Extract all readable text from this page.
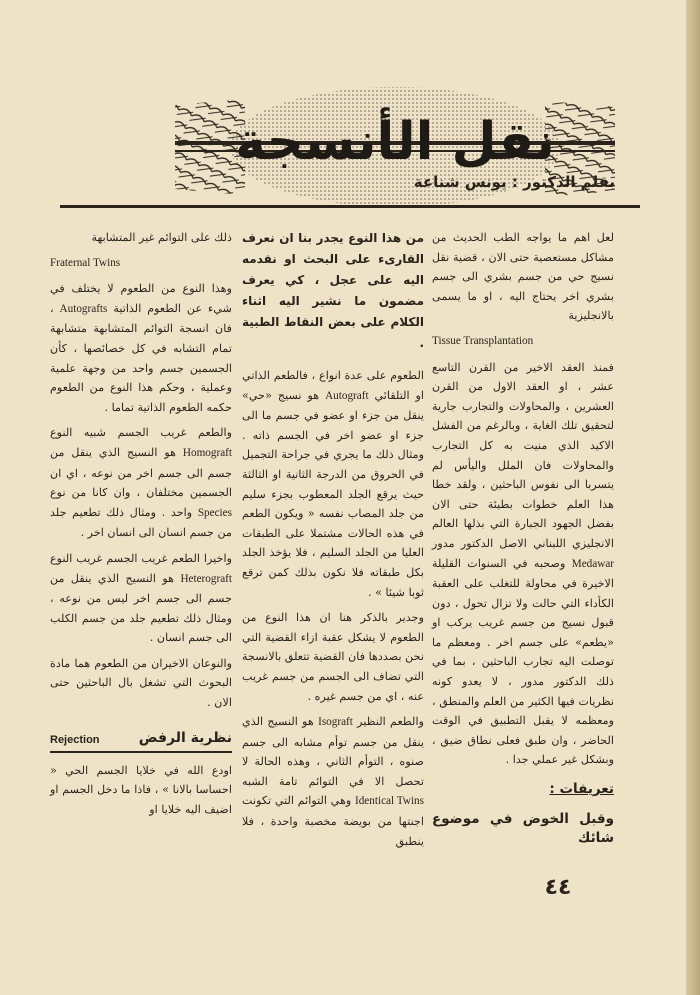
نقل الأنسجة
بقلم الدكتور : يونس شناعة

لعل اهم ما يواجه الطب الحديث من مشاكل مستعصية حتى الان ، قضية نقل نسيج حي من جسم بشري الى جسم بشري اخر يحتاج اليه ، او ما يسمى بالانجليزية

Tissue Transplantation

فمنذ العقد الاخير من القرن التاسع عشر ، او العقد الاول من القرن العشرين ، والمحاولات والتجارب جارية لتحقيق تلك الغاية ، وبالرغم من الفشل الاكيد الذي منيت به كل التجارب والمحاولات فان الملل واليأس لم يتسربا الى نفوس الباحثين ، ولقد خطا هذا العلم خطوات بطيئة حتى الان بفضل الجهود الجبارة التي بذلها العالم الانجليزي اللبناني الاصل الدكتور مدور Medawar وصحبه في السنوات القليلة الاخيرة في محاولة للتغلب على العقبة الكأداء التي حالت ولا تزال تحول ، دون قبول نسيج من جسم غريب يركب او «يطعم» على جسم اخر . ومعظم ما توصلت اليه تجارب الباحثين ، بما في ذلك الدكتور مدور ، لا يعدو كونه نظريات فيها الكثير من العلم والمنطق ، ومعظمه لا يقبل التطبيق في الوقت الحاضر ، وان طبق فعلى نطاق ضيق ، وبشكل غير عملي جدا .

تعريفات :

وقبل الخوض في موضوع شائك

من هذا النوع يجدر بنا ان نعرف القارىء على البحث او نقدمه اليه على عجل ، كي يعرف مضمون ما نشير اليه اثناء الكلام على بعض النقاط الطبية .

الطعوم على عدة انواع ، فالطعم الذاتي او التلقائي Autograft هو نسيج «حي» ينقل من جزء او عضو في جسم ما الى جزء او عضو اخر في الجسم ذاته . ومثال ذلك ما يجري في جراحة التجميل في الحروق من الدرجة الثانية او الثالثة حيث يرقع الجلد المعطوب بجزء سليم من جلد المصاب نفسه « ويكون الطعم في هذه الحالات مشتملا على الطبقات العليا من الجلد السليم ، فلا يؤخذ الجلد بكل طبقاته فلا نكون بذلك كمن ترقع ثوبا شيئا » .

وجدير بالذكر هنا ان هذا النوع من الطعوم لا يشكل عقبة ازاء القضية التي نحن بصددها فان القضية تتعلق بالانسجة التي تضاف الى الجسم من جسم غريب عنه ، اي من جسم غيره .

والطعم النظير Isograft هو النسيج الذي ينقل من جسم توأم مشابه الى جسم صنوه ، التوأم الثاني ، وهذه الحالة لا تحصل الا في التوائم تامة الشبه Identical Twins وهي التوائم التي تكونت اجنتها من بويضة مخصبة واحدة ، فلا ينطبق

ذلك على التوائم غير المتشابهة

Fraternal Twins

وهذا النوع من الطعوم لا يختلف في شيء عن الطعوم الذاتية Autografts ، فان انسجة التوائم المتشابهة متشابهة تمام التشابه في كل خصائصها ، كأن الجسمين جسم واحد من وجهة علمية وعملية ، وحكم هذا النوع من الطعوم حكمه الطعوم الذاتية تماما .

والطعم غريب الجسم شبيه النوع Homograft هو النسيج الذي ينقل من جسم الى جسم اخر من نوعه ، اي ان الجسمين مختلفان ، وان كانا من نوع Species واحد . ومثال ذلك تطعيم جلد من جسم انسان الى انسان اخر .

واخيرا الطعم غريب الجسم غريب النوع Heterograft هو النسيج الذي ينقل من جسم الى جسم اخر ليس من نوعه ، ومثال ذلك تطعيم جلد من جسم الكلب الى جسم انسان .

والنوعان الاخيران من الطعوم هما مادة البحوث التي تشغل بال الباحثين حتى الان .

نظرية الرفض
Rejection

اودع الله في خلايا الجسم الحي « احساسا بالانا » ، فاذا ما دخل الجسم او اضيف اليه خلايا او

٤٤
